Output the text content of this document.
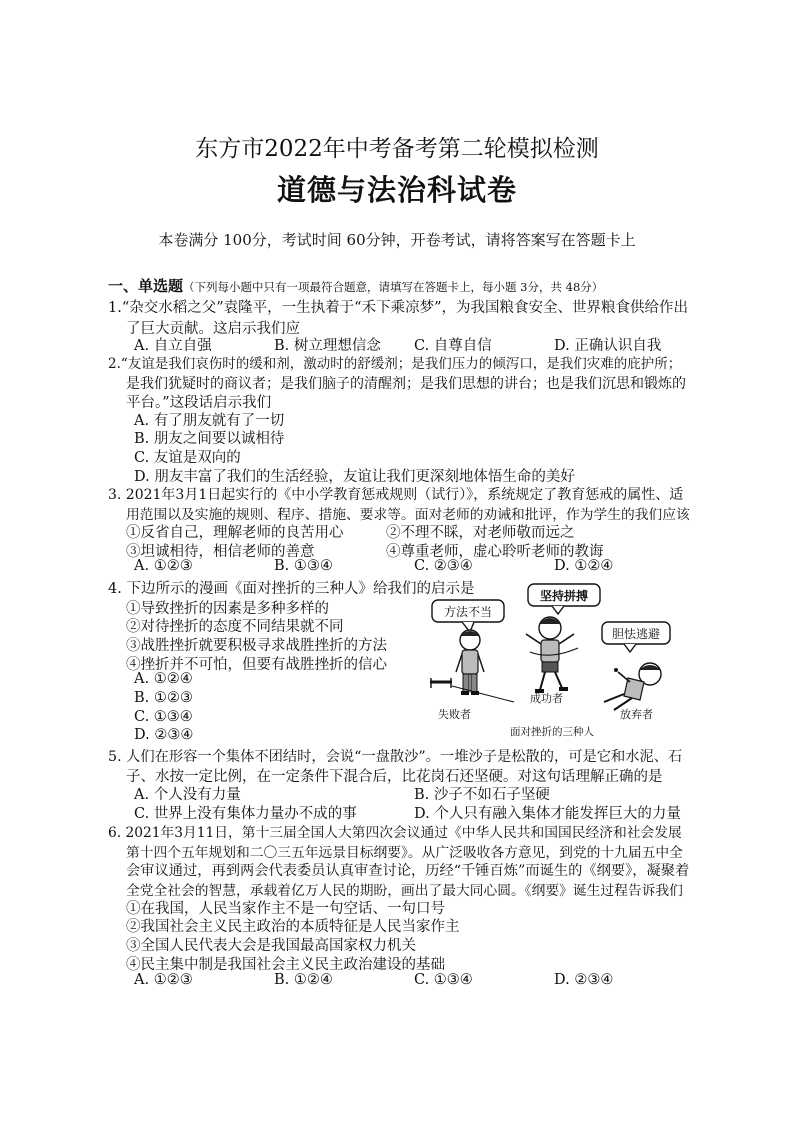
东方市2022年中考备考第二轮模拟检测
道德与法治科试卷
本卷满分 100分，考试时间 60分钟，开卷考试，请将答案写在答题卡上
一、单选题（下列每小题中只有一项最符合题意，请填写在答题卡上，每小题 3分，共 48分）
1.“杂交水稻之父”袁隆平，一生执着于“禾下乘凉梦”，为我国粮食安全、世界粮食供给作出
了巨大贡献。这启示我们应
A. 自立自强	B. 树立理想信念 C. 自尊自信	D. 正确认识自我
2.“友谊是我们哀伤时的缓和剂，激动时的舒缓剂；是我们压力的倾泻口，是我们灾难的庇护所；
是我们犹疑时的商议者；是我们脑子的清醒剂；是我们思想的讲台；也是我们沉思和锻炼的
平台。”这段话启示我们
A. 有了朋友就有了一切
B. 朋友之间要以诚相待
C. 友谊是双向的
D. 朋友丰富了我们的生活经验，友谊让我们更深刻地体悟生命的美好
3. 2021年3月1日起实行的《中小学教育惩戒规则（试行）》，系统规定了教育惩戒的属性、适
用范围以及实施的规则、程序、措施、要求等。面对老师的劝诫和批评，作为学生的我们应该
①反省自己，理解老师的良苦用心	②不理不睬，对老师敬而远之
③坦诚相待，相信老师的善意	④尊重老师，虚心聆听老师的教诲
A. ①②③	B. ①③④	C. ②③④	D. ①②④
4. 下边所示的漫画《面对挫折的三种人》给我们的启示是
①导致挫折的因素是多种多样的
②对待挫折的态度不同结果就不同
③战胜挫折就要积极寻求战胜挫折的方法
④挫折并不可怕，但要有战胜挫折的信心
A. ①②④
B. ①②③
C. ①③④
D. ②③④
方法不当
坚持拼搏
胆怯逃避
失败者
成功者
放弃者
面对挫折的三种人
5. 人们在形容一个集体不团结时，会说“一盘散沙”。一堆沙子是松散的，可是它和水泥、石
子、水按一定比例，在一定条件下混合后，比花岗石还坚硬。对这句话理解正确的是
A. 个人没有力量	B. 沙子不如石子坚硬
C. 世界上没有集体力量办不成的事	D. 个人只有融入集体才能发挥巨大的力量
6. 2021年3月11日，第十三届全国人大第四次会议通过《中华人民共和国国民经济和社会发展
第十四个五年规划和二〇三五年远景目标纲要》。从广泛吸收各方意见，到党的十九届五中全
会审议通过，再到两会代表委员认真审查讨论，历经“千锤百炼”而诞生的《纲要》，凝聚着
全党全社会的智慧，承载着亿万人民的期盼，画出了最大同心圆。《纲要》诞生过程告诉我们
①在我国，人民当家作主不是一句空话、一句口号
②我国社会主义民主政治的本质特征是人民当家作主
③全国人民代表大会是我国最高国家权力机关
④民主集中制是我国社会主义民主政治建设的基础
A. ①②③	B. ①②④	C. ①③④	D. ②③④
